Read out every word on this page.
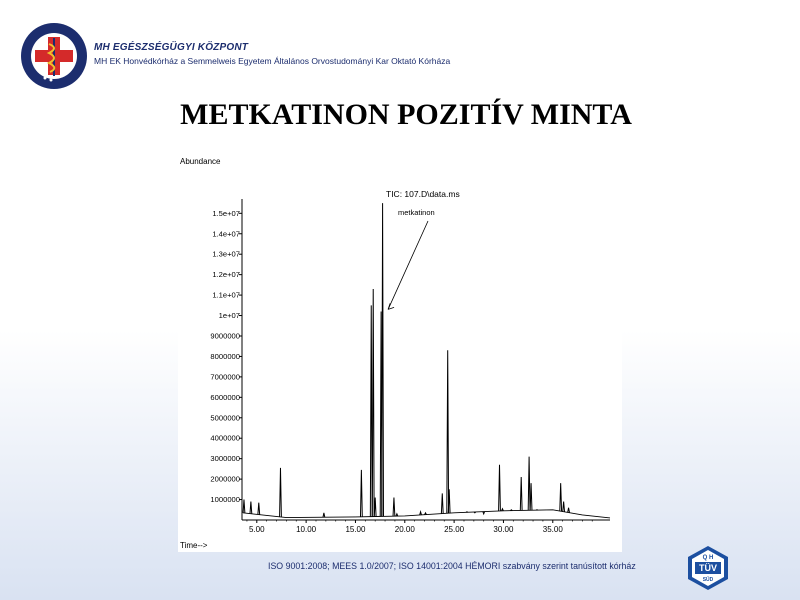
MH EGÉSZSÉGÜGYI KÖZPONT
MH EK Honvédkórház a Semmelweis Egyetem Általános Orvostudományi Kar Oktató Kórháza
METKATINON POZITÍV MINTA
Abundance
TIC: 107.D\data.ms
Time-->
1000000
2000000
3000000
4000000
5000000
6000000
7000000
8000000
9000000
1e+07
1.1e+07
1.2e+07
1.3e+07
1.4e+07
1.5e+07
5.00	10.00	15.00	20.00	25.00	30.00	35.00
metkatinon
ISO 9001:2008; MEES 1.0/2007; ISO 14001:2004 HÉMORI szabvány szerint tanúsított kórház
Q H
TÜV
SÜD
